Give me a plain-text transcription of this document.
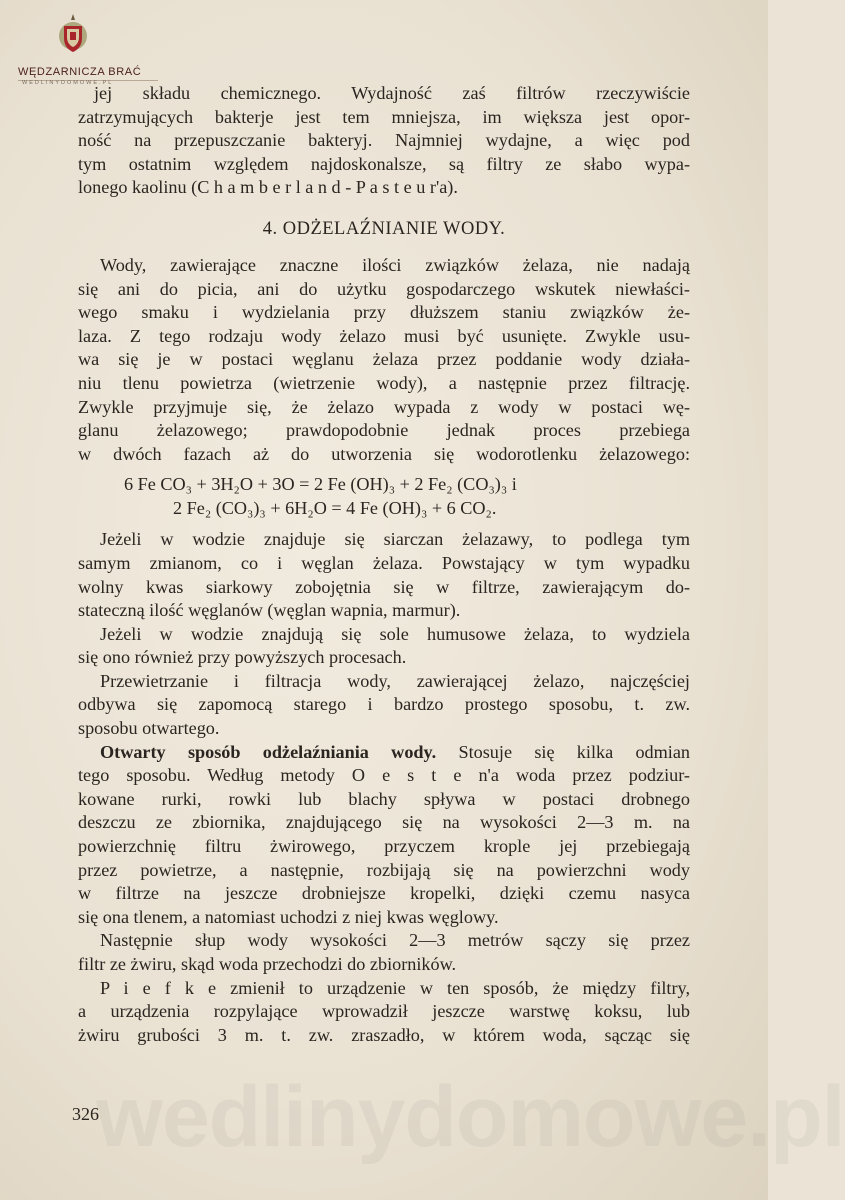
WĘDZARNICZA BRAĆ
WEDLINYDOMOWE.PL
jej składu chemicznego. Wydajność zaś filtrów rzeczywiście
zatrzymujących bakterje jest tem mniejsza, im większa jest opor-
ność na przepuszczanie bakteryj. Najmniej wydajne, a więc pod
tym ostatnim względem najdoskonalsze, są filtry ze słabo wypa-
lonego kaolinu (C h a m b e r l a n d - P a s t e u r'a).
4. ODŻELAŹNIANIE WODY.
Wody, zawierające znaczne ilości związków żelaza, nie nadają
się ani do picia, ani do użytku gospodarczego wskutek niewłaści-
wego smaku i wydzielania przy dłuższem staniu związków że-
laza. Z tego rodzaju wody żelazo musi być usunięte. Zwykle usu-
wa się je w postaci węglanu żelaza przez poddanie wody działa-
niu tlenu powietrza (wietrzenie wody), a następnie przez filtrację.
Zwykle przyjmuje się, że żelazo wypada z wody w postaci wę-
glanu żelazowego; prawdopodobnie jednak proces przebiega
w dwóch fazach aż do utworzenia się wodorotlenku żelazowego:
6 Fe CO₃ + 3H₂O + 3O = 2 Fe (OH)₃ + 2 Fe₂ (CO₃)₃ i
2 Fe₂ (CO₃)₃ + 6H₂O = 4 Fe (OH)₃ + 6 CO₂.
Jeżeli w wodzie znajduje się siarczan żelazawy, to podlega tym
samym zmianom, co i węglan żelaza. Powstający w tym wypadku
wolny kwas siarkowy zobojętnia się w filtrze, zawierającym do-
stateczną ilość węglanów (węglan wapnia, marmur).
Jeżeli w wodzie znajdują się sole humusowe żelaza, to wydziela
się ono również przy powyższych procesach.
Przewietrzanie i filtracja wody, zawierającej żelazo, najczęściej
odbywa się zapomocą starego i bardzo prostego sposobu, t. zw.
sposobu otwartego.
Otwarty sposób odżelaźniania wody. Stosuje się kilka odmian
tego sposobu. Według metody O e s t e n'a woda przez podziur-
kowane rurki, rowki lub blachy spływa w postaci drobnego
deszczu ze zbiornika, znajdującego się na wysokości 2—3 m. na
powierzchnię filtru żwirowego, przyczem krople jej przebiegają
przez powietrze, a następnie, rozbijają się na powierzchni wody
w filtrze na jeszcze drobniejsze kropelki, dzięki czemu nasyca
się ona tlenem, a natomiast uchodzi z niej kwas węglowy.
Następnie słup wody wysokości 2—3 metrów sączy się przez
filtr ze żwiru, skąd woda przechodzi do zbiorników.
P i e f k e zmienił to urządzenie w ten sposób, że między filtry,
a urządzenia rozpylające wprowadził jeszcze warstwę koksu, lub
żwiru grubości 3 m. t. zw. zraszadło, w którem woda, sącząc się
wedlinydomowe.pl
326
